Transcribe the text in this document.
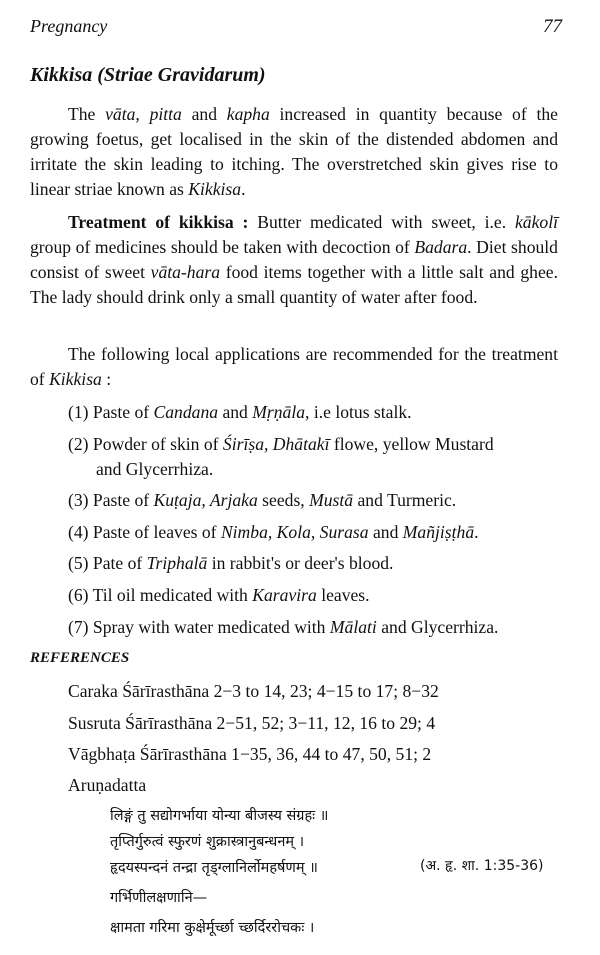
Pregnancy	77
Kikkisa (Striae Gravidarum)
The vāta, pitta and kapha increased in quantity because of the growing foetus, get localised in the skin of the distended abdomen and irritate the skin leading to itching. The overstretched skin gives rise to linear striae known as Kikkisa.
Treatment of kikkisa : Butter medicated with sweet, i.e. kākolī group of medicines should be taken with decoction of Badara. Diet should consist of sweet vāta-hara food items together with a little salt and ghee. The lady should drink only a small quantity of water after food.
The following local applications are recommended for the treatment of Kikkisa :
(1) Paste of Candana and Mṛṇāla, i.e lotus stalk.
(2) Powder of skin of Śirīṣa, Dhātakī flowe, yellow Mustard
and Glycerrhiza.
(3) Paste of Kuṭaja, Arjaka seeds, Mustā and Turmeric.
(4) Paste of leaves of Nimba, Kola, Surasa and Mañjiṣṭhā.
(5) Pate of Triphalā in rabbit's or deer's blood.
(6) Til oil medicated with Karavira leaves.
(7) Spray with water medicated with Mālati and Glycerrhiza.
REFERENCES
Caraka Śārīrasthāna 2−3 to 14, 23; 4−15 to 17; 8−32
Susruta Śārīrasthāna 2−51, 52; 3−11, 12, 16 to 29; 4
Vāgbhaṭa Śārīrasthāna 1−35, 36, 44 to 47, 50, 51; 2
Aruṇadatta
लिङ्गं तु सद्योगर्भाया योन्या बीजस्य संग्रहः ॥
तृप्तिर्गुरुत्वं स्फुरणं शुक्रास्त्रानुबन्धनम् ।
हृदयस्पन्दनं तन्द्रा तृड्ग्लानिर्लोमहर्षणम् ॥	(अ. हृ. शा. 1:35-36)
गर्भिणीलक्षणानि—
क्षामता गरिमा कुक्षेर्मूर्च्छा च्छर्दिररोचकः ।
